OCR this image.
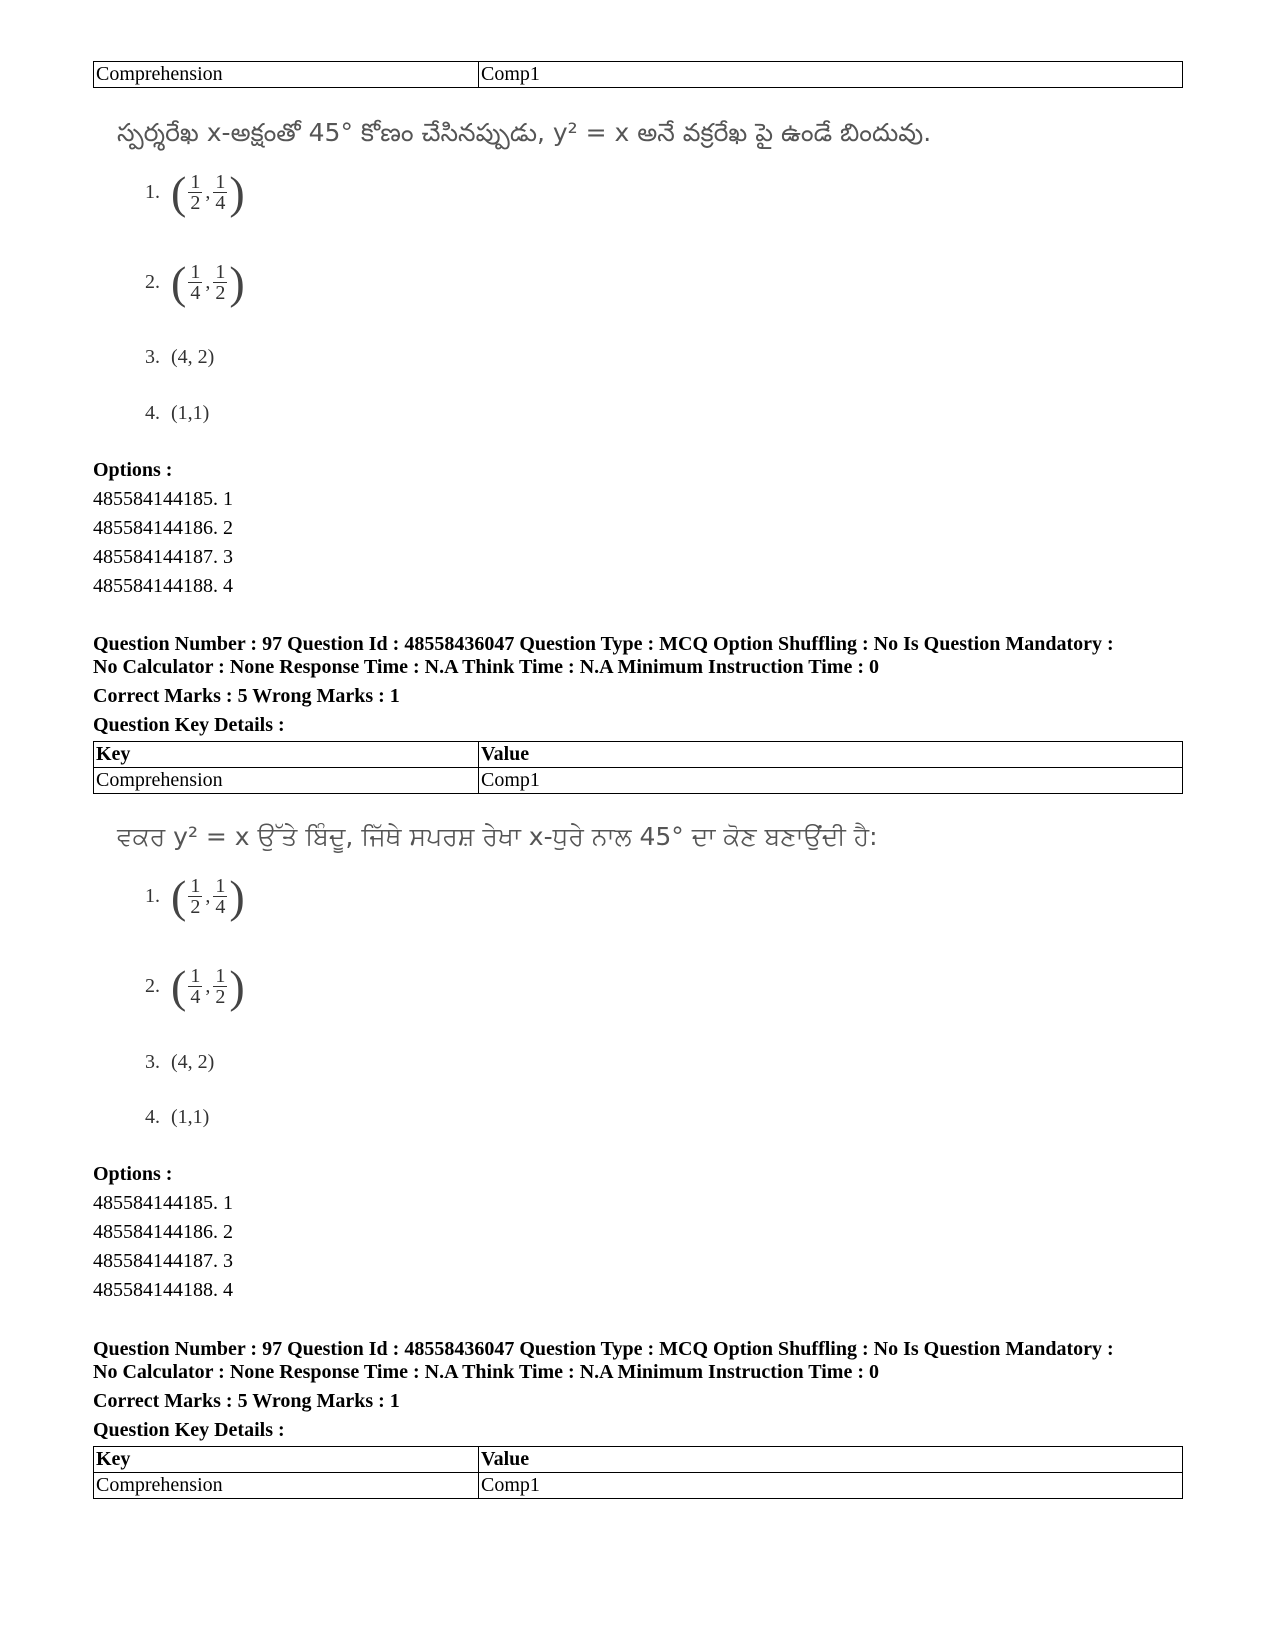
Comprehension	Comp1
స్పర్శరేఖ x-అక్షంతో 45° కోణం చేసినప్పుడు, y² = x అనే వక్రరేఖ పై ఉండే బిందువు.
1. ( $\frac{1}{2}$ , $\frac{1}{4}$ )
2. ( $\frac{1}{4}$ , $\frac{1}{2}$ )
3. (4, 2)
4. (1,1)
Options :
485584144185. 1
485584144186. 2
485584144187. 3
485584144188. 4
Question Number : 97 Question Id : 48558436047 Question Type : MCQ Option Shuffling : No Is Question Mandatory :
No Calculator : None Response Time : N.A Think Time : N.A Minimum Instruction Time : 0
Correct Marks : 5 Wrong Marks : 1
Question Key Details :
Key	Value
Comprehension	Comp1
ਵਕਰ y² = x ਉੱਤੇ ਬਿੰਦੂ, ਜਿੱਥੇ ਸਪਰਸ਼ ਰੇਖਾ x-ਧੁਰੇ ਨਾਲ 45° ਦਾ ਕੋਣ ਬਣਾਉਂਦੀ ਹੈ:
1. ( $\frac{1}{2}$ , $\frac{1}{4}$ )
2. ( $\frac{1}{4}$ , $\frac{1}{2}$ )
3. (4, 2)
4. (1,1)
Options :
485584144185. 1
485584144186. 2
485584144187. 3
485584144188. 4
Question Number : 97 Question Id : 48558436047 Question Type : MCQ Option Shuffling : No Is Question Mandatory :
No Calculator : None Response Time : N.A Think Time : N.A Minimum Instruction Time : 0
Correct Marks : 5 Wrong Marks : 1
Question Key Details :
Key	Value
Comprehension	Comp1
